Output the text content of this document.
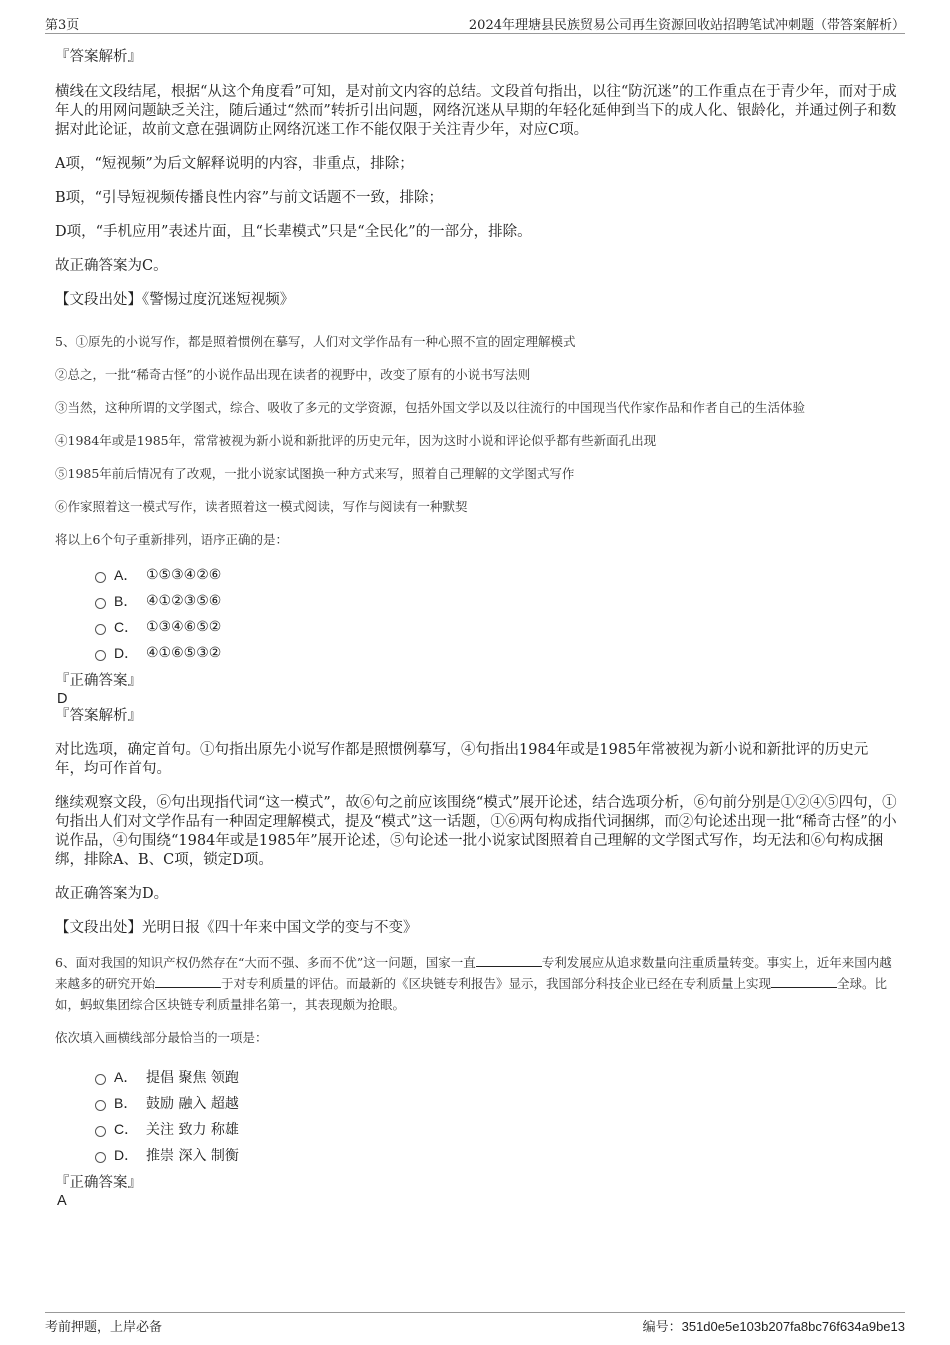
第3页	2024年理塘县民族贸易公司再生资源回收站招聘笔试冲刺题（带答案解析）
『答案解析』
横线在文段结尾，根据“从这个角度看”可知，是对前文内容的总结。文段首句指出，以往“防沉迷”的工作重点在于青少年，而对于成年人的用网问题缺乏关注，随后通过“然而”转折引出问题，网络沉迷从早期的年轻化延伸到当下的成人化、银龄化，并通过例子和数据对此论证，故前文意在强调防止网络沉迷工作不能仅限于关注青少年，对应C项。
A项，“短视频”为后文解释说明的内容，非重点，排除；
B项，“引导短视频传播良性内容”与前文话题不一致，排除；
D项，“手机应用”表述片面，且“长辈模式”只是“全民化”的一部分，排除。
故正确答案为C。
【文段出处】《警惕过度沉迷短视频》
5、①原先的小说写作，都是照着惯例在摹写，人们对文学作品有一种心照不宣的固定理解模式
②总之，一批“稀奇古怪”的小说作品出现在读者的视野中，改变了原有的小说书写法则
③当然，这种所谓的文学图式，综合、吸收了多元的文学资源，包括外国文学以及以往流行的中国现当代作家作品和作者自己的生活体验
④1984年或是1985年，常常被视为新小说和新批评的历史元年，因为这时小说和评论似乎都有些新面孔出现
⑤1985年前后情况有了改观，一批小说家试图换一种方式来写，照着自己理解的文学图式写作
⑥作家照着这一模式写作，读者照着这一模式阅读，写作与阅读有一种默契
将以上6个句子重新排列，语序正确的是：
A． ①⑤③④②⑥
B． ④①②③⑤⑥
C． ①③④⑥⑤②
D． ④①⑥⑤③②
『正确答案』
D
『答案解析』
对比选项，确定首句。①句指出原先小说写作都是照惯例摹写，④句指出1984年或是1985年常被视为新小说和新批评的历史元年，均可作首句。
继续观察文段，⑥句出现指代词“这一模式”，故⑥句之前应该围绕“模式”展开论述，结合选项分析，⑥句前分别是①②④⑤四句，①句指出人们对文学作品有一种固定理解模式，提及“模式”这一话题，①⑥两句构成指代词捆绑，而②句论述出现一批“稀奇古怪”的小说作品，④句围绕“1984年或是1985年”展开论述，⑤句论述一批小说家试图照着自己理解的文学图式写作，均无法和⑥句构成捆绑，排除A、B、C项，锁定D项。
故正确答案为D。
【文段出处】光明日报《四十年来中国文学的变与不变》
6、面对我国的知识产权仍然存在“大而不强、多而不优”这一问题，国家一直	专利发展应从追求数量向注重质量转变。事实上，近年来国内越来越多的研究开始	于对专利质量的评估。而最新的《区块链专利报告》显示，我国部分科技企业已经在专利质量上实现	全球。比如，蚂蚁集团综合区块链专利质量排名第一，其表现颇为抢眼。
依次填入画横线部分最恰当的一项是：
A． 提倡 聚焦 领跑
B． 鼓励 融入 超越
C． 关注 致力 称雄
D． 推崇 深入 制衡
『正确答案』
A
考前押题，上岸必备	编号：351d0e5e103b207fa8bc76f634a9be13
